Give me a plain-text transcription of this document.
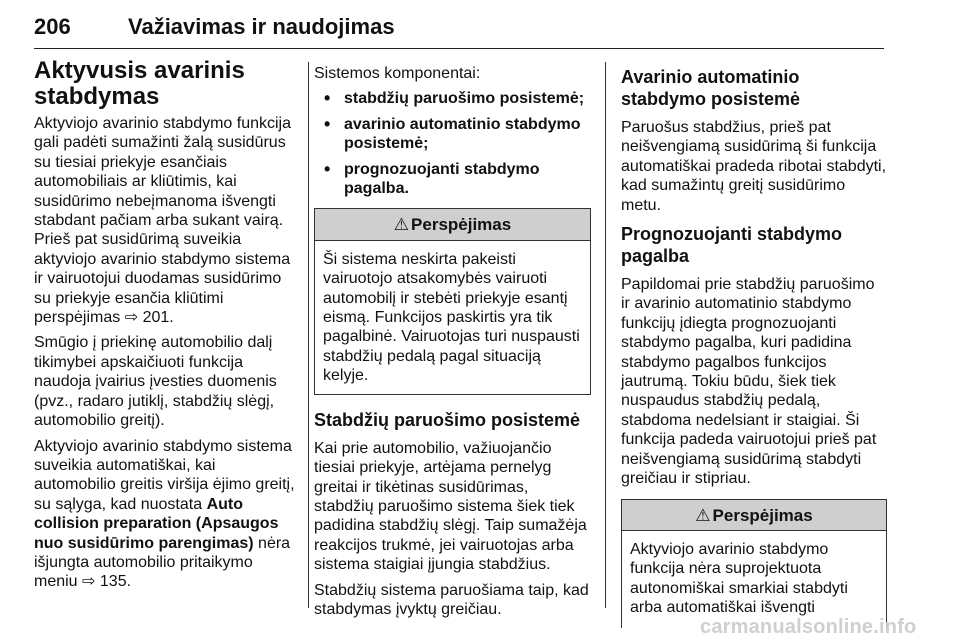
206	Važiavimas ir naudojimas
Aktyvusis avarinis stabdymas

Aktyviojo avarinio stabdymo funkcija gali padėti sumažinti žalą susidūrus su tiesiai priekyje esančiais automobiliais ar kliūtimis, kai susidūrimo nebeįmanoma išvengti stabdant pačiam arba sukant vairą. Prieš pat susidūrimą suveikia aktyviojo avarinio stabdymo sistema ir vairuotojui duodamas susidūrimo su priekyje esančia kliūtimi perspėjimas ⇨ 201.

Smūgio į priekinę automobilio dalį tikimybei apskaičiuoti funkcija naudoja įvairius įvesties duomenis (pvz., radaro jutiklį, stabdžių slėgį, automobilio greitį).

Aktyviojo avarinio stabdymo sistema suveikia automatiškai, kai automobilio greitis viršija ėjimo greitį, su sąlyga, kad nuostata Auto collision preparation (Apsaugos nuo susidūrimo parengimas) nėra išjungta automobilio pritaikymo meniu ⇨ 135.

Sistemos komponentai:

• stabdžių paruošimo posistemė;
• avarinio automatinio stabdymo posistemė;
• prognozuojanti stabdymo pagalba.
⚠ Perspėjimas
Ši sistema neskirta pakeisti vairuotojo atsakomybės vairuoti automobilį ir stebėti priekyje esantį eismą. Funkcijos paskirtis yra tik pagalbinė. Vairuotojas turi nuspausti stabdžių pedalą pagal situaciją kelyje.
Stabdžių paruošimo posistemė

Kai prie automobilio, važiuojančio tiesiai priekyje, artėjama pernelyg greitai ir tikėtinas susidūrimas, stabdžių paruošimo sistema šiek tiek padidina stabdžių slėgį. Taip sumažėja reakcijos trukmė, jei vairuotojas arba sistema staigiai įjungia stabdžius.

Stabdžių sistema paruošiama taip, kad stabdymas įvyktų greičiau.

Avarinio automatinio stabdymo posistemė

Paruošus stabdžius, prieš pat neišvengiamą susidūrimą ši funkcija automatiškai pradeda ribotai stabdyti, kad sumažintų greitį susidūrimo metu.

Prognozuojanti stabdymo pagalba

Papildomai prie stabdžių paruošimo ir avarinio automatinio stabdymo funkcijų įdiegta prognozuojanti stabdymo pagalba, kuri padidina stabdymo pagalbos funkcijos jautrumą. Tokiu būdu, šiek tiek nuspaudus stabdžių pedalą, stabdoma nedelsiant ir staigiai. Ši funkcija padeda vairuotojui prieš pat neišvengiamą susidūrimą stabdyti greičiau ir stipriau.

⚠ Perspėjimas
Aktyviojo avarinio stabdymo funkcija nėra suprojektuota autonomiškai smarkiai stabdyti arba automatiškai išvengti
carmanualsonline.info
